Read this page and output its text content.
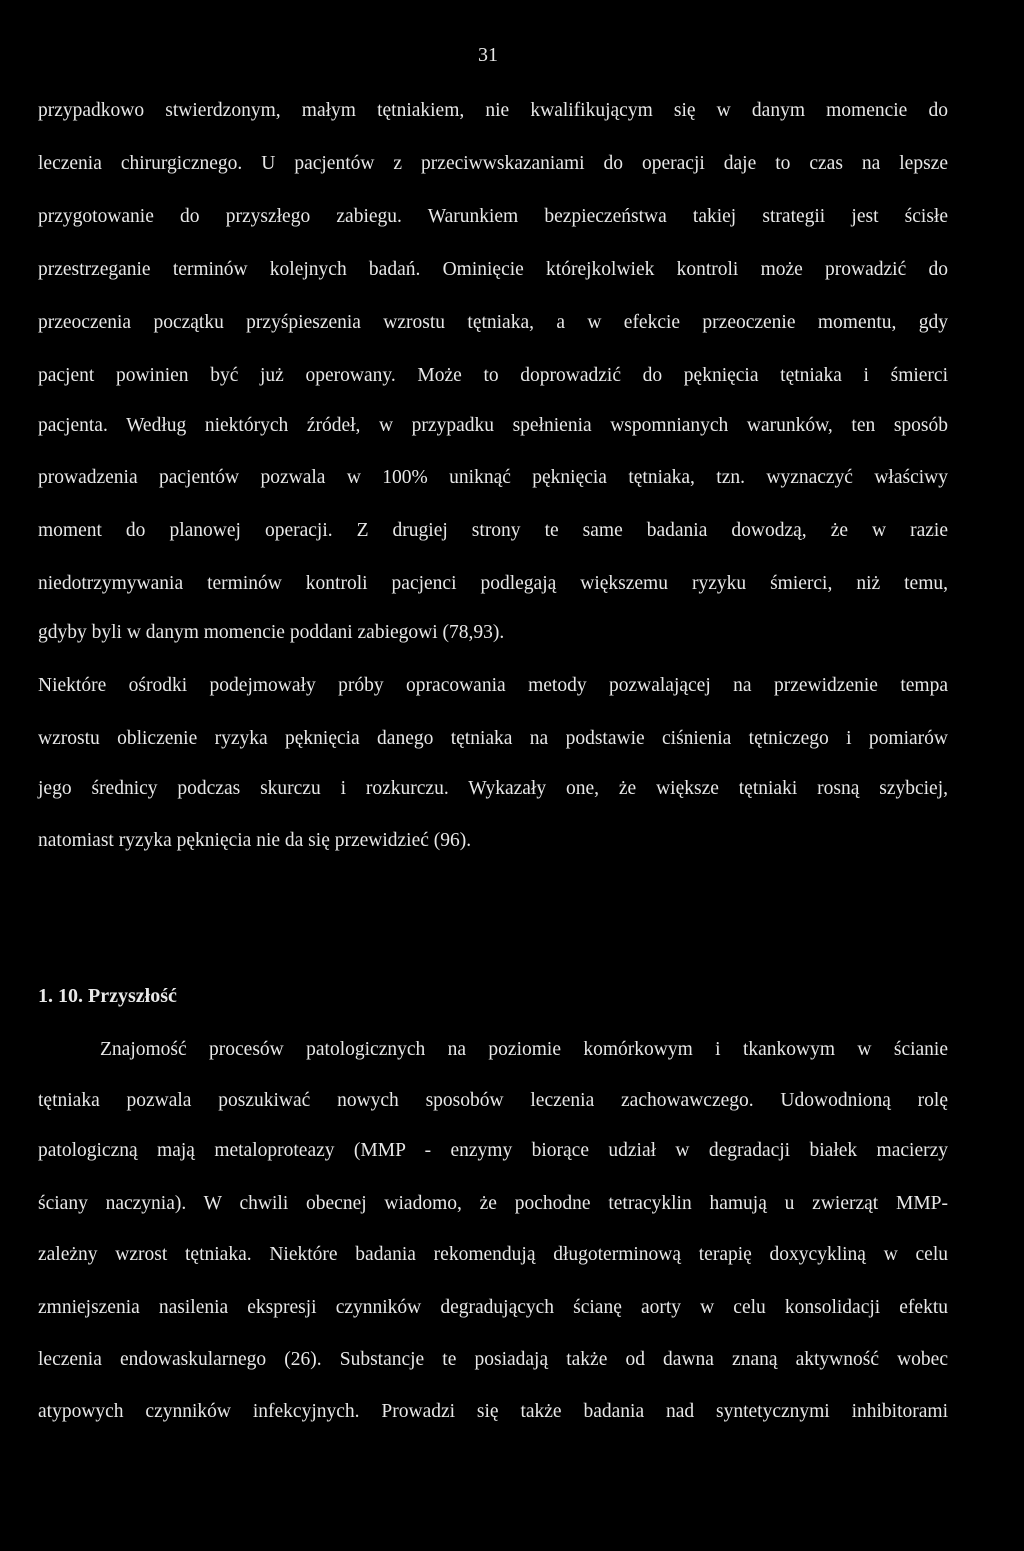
31
przypadkowo stwierdzonym, małym tętniakiem, nie kwalifikującym się w danym momencie do
leczenia chirurgicznego. U pacjentów z przeciwwskazaniami do operacji daje to czas na lepsze
przygotowanie do przyszłego zabiegu. Warunkiem bezpieczeństwa takiej strategii jest ścisłe
przestrzeganie terminów kolejnych badań. Ominięcie którejkolwiek kontroli może prowadzić do
przeoczenia początku przyśpieszenia wzrostu tętniaka, a w efekcie przeoczenie momentu, gdy
pacjent powinien być już operowany. Może to doprowadzić do pęknięcia tętniaka i śmierci
pacjenta. Według niektórych źródeł, w przypadku spełnienia wspomnianych warunków, ten sposób
prowadzenia pacjentów pozwala w 100% uniknąć pęknięcia tętniaka, tzn. wyznaczyć właściwy
moment do planowej operacji. Z drugiej strony te same badania dowodzą, że w razie
niedotrzymywania terminów kontroli pacjenci podlegają większemu ryzyku śmierci, niż temu,
gdyby byli w danym momencie poddani zabiegowi (78,93).
Niektóre ośrodki podejmowały próby opracowania metody pozwalającej na przewidzenie tempa
wzrostu obliczenie ryzyka pęknięcia danego tętniaka na podstawie ciśnienia tętniczego i pomiarów
jego średnicy podczas skurczu i rozkurczu. Wykazały one, że większe tętniaki rosną szybciej,
natomiast ryzyka pęknięcia nie da się przewidzieć (96).
1. 10. Przyszłość
Znajomość procesów patologicznych na poziomie komórkowym i tkankowym w ścianie
tętniaka pozwala poszukiwać nowych sposobów leczenia zachowawczego. Udowodnioną rolę
patologiczną mają metaloproteazy (MMP - enzymy biorące udział w degradacji białek macierzy
ściany naczynia). W chwili obecnej wiadomo, że pochodne tetracyklin hamują u zwierząt MMP-
zależny wzrost tętniaka. Niektóre badania rekomendują długoterminową terapię doxycykliną w celu
zmniejszenia nasilenia ekspresji czynników degradujących ścianę aorty w celu konsolidacji efektu
leczenia endowaskularnego (26). Substancje te posiadają także od dawna znaną aktywność wobec
atypowych czynników infekcyjnych. Prowadzi się także badania nad syntetycznymi inhibitorami
